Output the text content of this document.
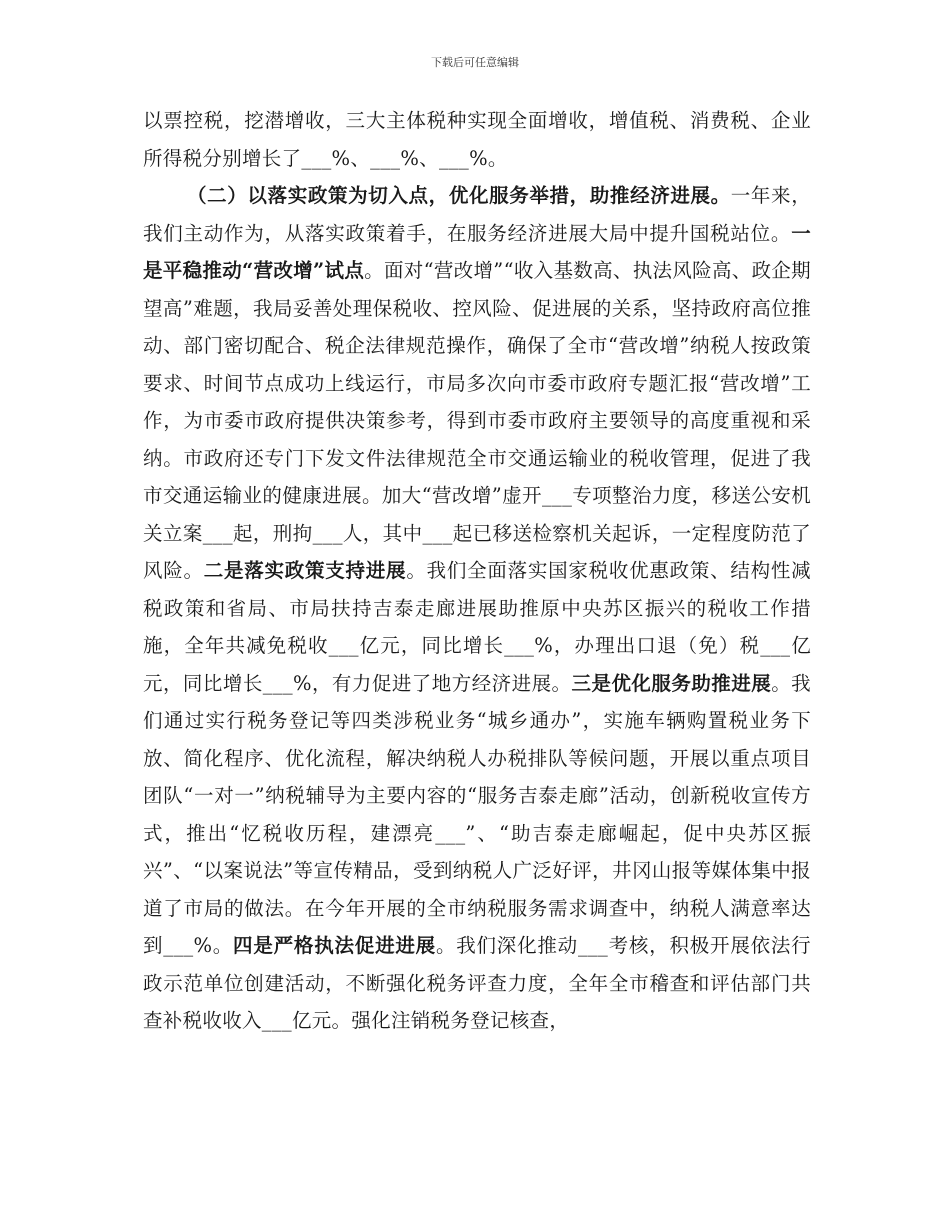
下载后可任意编辑

以票控税，挖潜增收，三大主体税种实现全面增收，增值税、消费税、企业所得税分别增长了___%、___%、___%。

（二）以落实政策为切入点，优化服务举措，助推经济进展。一年来，我们主动作为，从落实政策着手，在服务经济进展大局中提升国税站位。一是平稳推动“营改增”试点。面对“营改增”“收入基数高、执法风险高、政企期望高”难题，我局妥善处理保税收、控风险、促进展的关系，坚持政府高位推动、部门密切配合、税企法律规范操作，确保了全市“营改增”纳税人按政策要求、时间节点成功上线运行，市局多次向市委市政府专题汇报“营改增”工作，为市委市政府提供决策参考，得到市委市政府主要领导的高度重视和采纳。市政府还专门下发文件法律规范全市交通运输业的税收管理，促进了我市交通运输业的健康进展。加大“营改增”虚开___专项整治力度，移送公安机关立案___起，刑拘___人，其中___起已移送检察机关起诉，一定程度防范了风险。二是落实政策支持进展。我们全面落实国家税收优惠政策、结构性减税政策和省局、市局扶持吉泰走廊进展助推原中央苏区振兴的税收工作措施，全年共减免税收___亿元，同比增长___%，办理出口退（免）税___亿元，同比增长___%，有力促进了地方经济进展。三是优化服务助推进展。我们通过实行税务登记等四类涉税业务“城乡通办”，实施车辆购置税业务下放、简化程序、优化流程，解决纳税人办税排队等候问题，开展以重点项目团队“一对一”纳税辅导为主要内容的“服务吉泰走廊”活动，创新税收宣传方式，推出“忆税收历程，建漂亮___”、“助吉泰走廊崛起，促中央苏区振兴”、“以案说法”等宣传精品，受到纳税人广泛好评，井冈山报等媒体集中报道了市局的做法。在今年开展的全市纳税服务需求调查中，纳税人满意率达到___%。四是严格执法促进进展。我们深化推动___考核，积极开展依法行政示范单位创建活动，不断强化税务评查力度，全年全市稽查和评估部门共查补税收收入___亿元。强化注销税务登记核查，
